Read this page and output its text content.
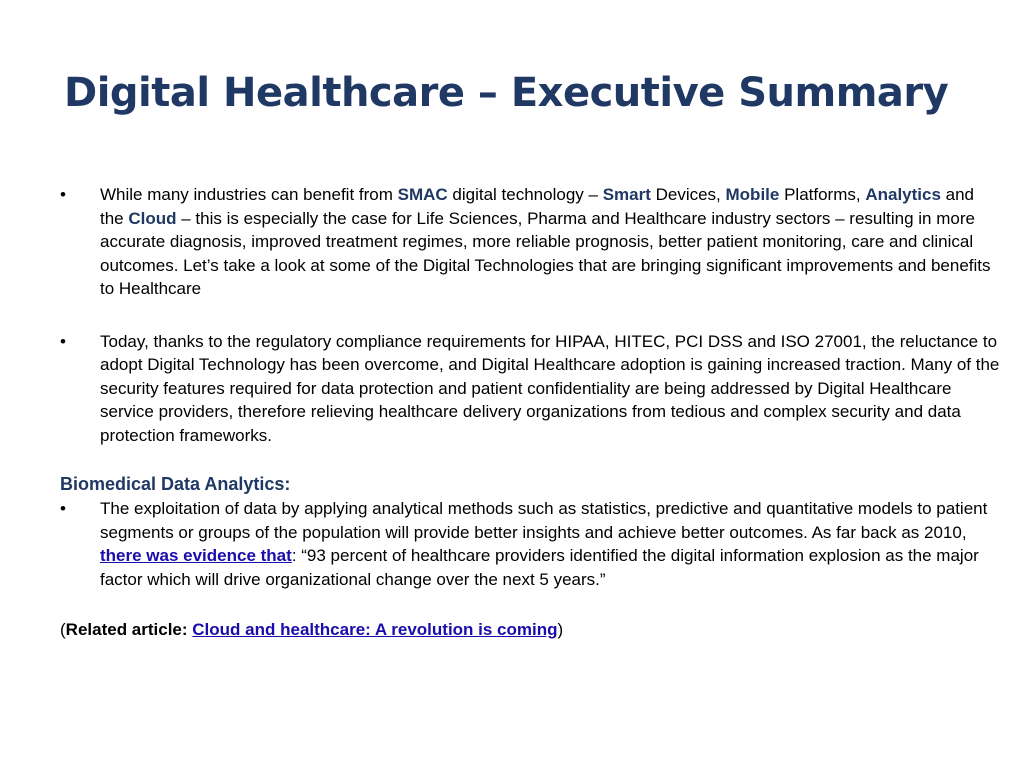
Digital Healthcare – Executive Summary
•	While many industries can benefit from SMAC digital technology – Smart Devices, Mobile Platforms, Analytics and the Cloud – this is especially the case for Life Sciences, Pharma and Healthcare industry sectors – resulting in more accurate diagnosis, improved treatment regimes, more reliable prognosis, better patient monitoring, care and clinical outcomes. Let’s take a look at some of the Digital Technologies that are bringing significant improvements and benefits to Healthcare
•	Today, thanks to the regulatory compliance requirements for HIPAA, HITEC, PCI DSS and ISO 27001, the reluctance to adopt Digital Technology has been overcome, and Digital Healthcare adoption is gaining increased traction. Many of the security features required for data protection and patient confidentiality are being addressed by Digital Healthcare service providers, therefore relieving healthcare delivery organizations from tedious and complex security and data protection frameworks.
Biomedical Data Analytics:
•	The exploitation of data by applying analytical methods such as statistics, predictive and quantitative models to patient segments or groups of the population will provide better insights and achieve better outcomes. As far back as 2010, there was evidence that: “93 percent of healthcare providers identified the digital information explosion as the major factor which will drive organizational change over the next 5 years.”
(Related article: Cloud and healthcare: A revolution is coming)
